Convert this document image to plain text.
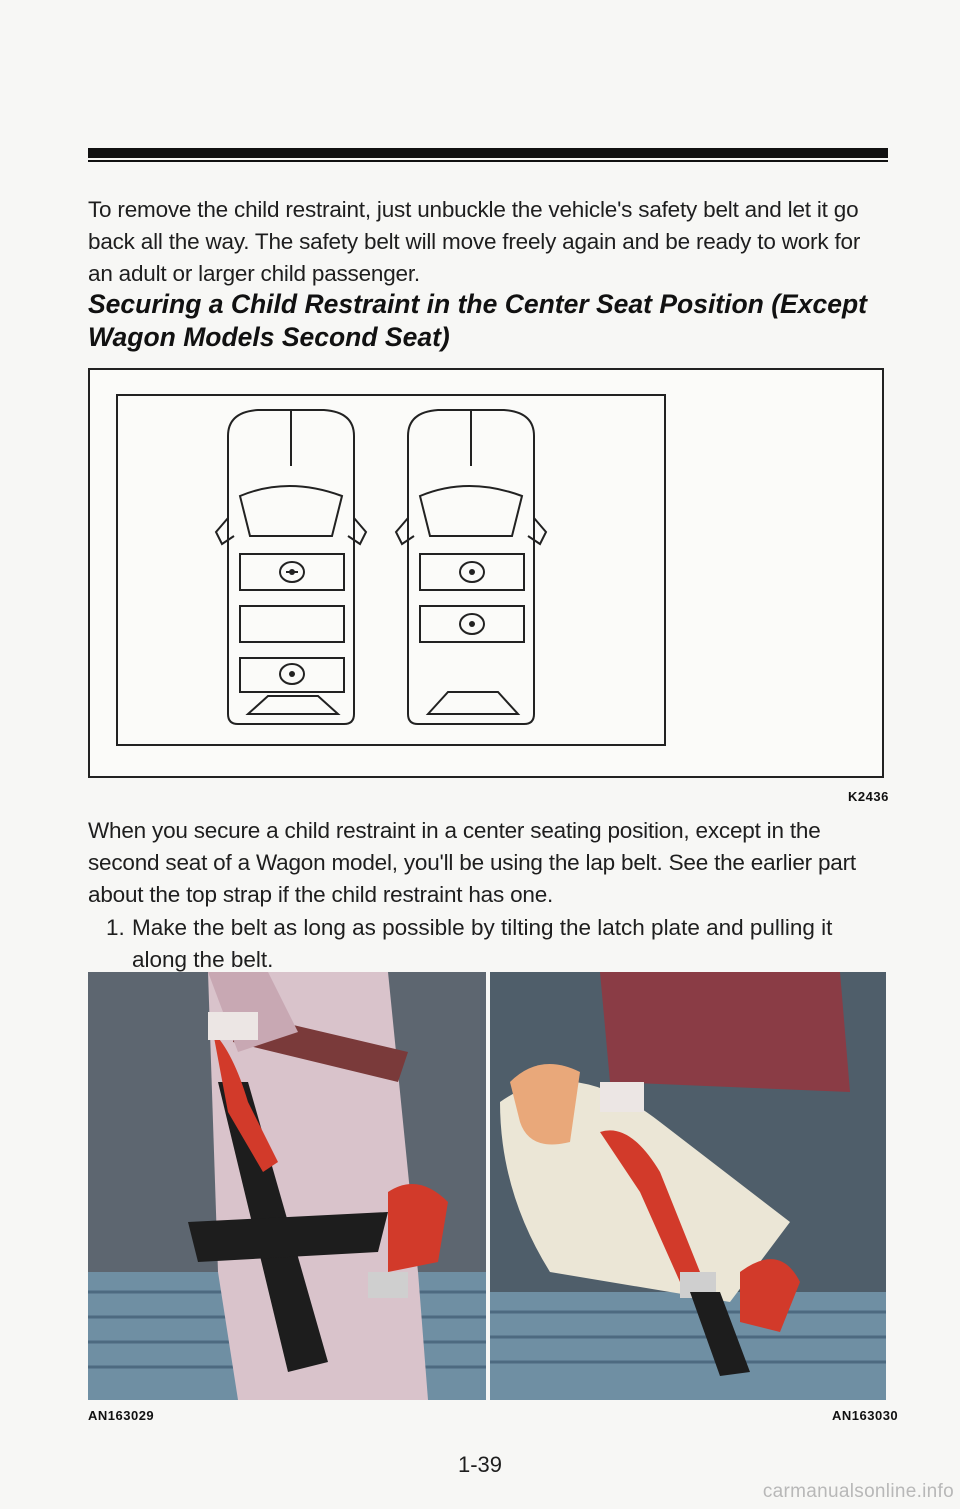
To remove the child restraint, just unbuckle the vehicle's safety belt and let it go back all the way. The safety belt will move freely again and be ready to work for an adult or larger child passenger.

Securing a Child Restraint in the Center Seat Position (Except Wagon Models Second Seat)
K2436

When you secure a child restraint in a center seating position, except in the second seat of a Wagon model, you'll be using the lap belt. See the earlier part about the top strap if the child restraint has one.

1. Make the belt as long as possible by tilting the latch plate and pulling it along the belt.
AN163029	AN163030
1-39
carmanualsonline.info
